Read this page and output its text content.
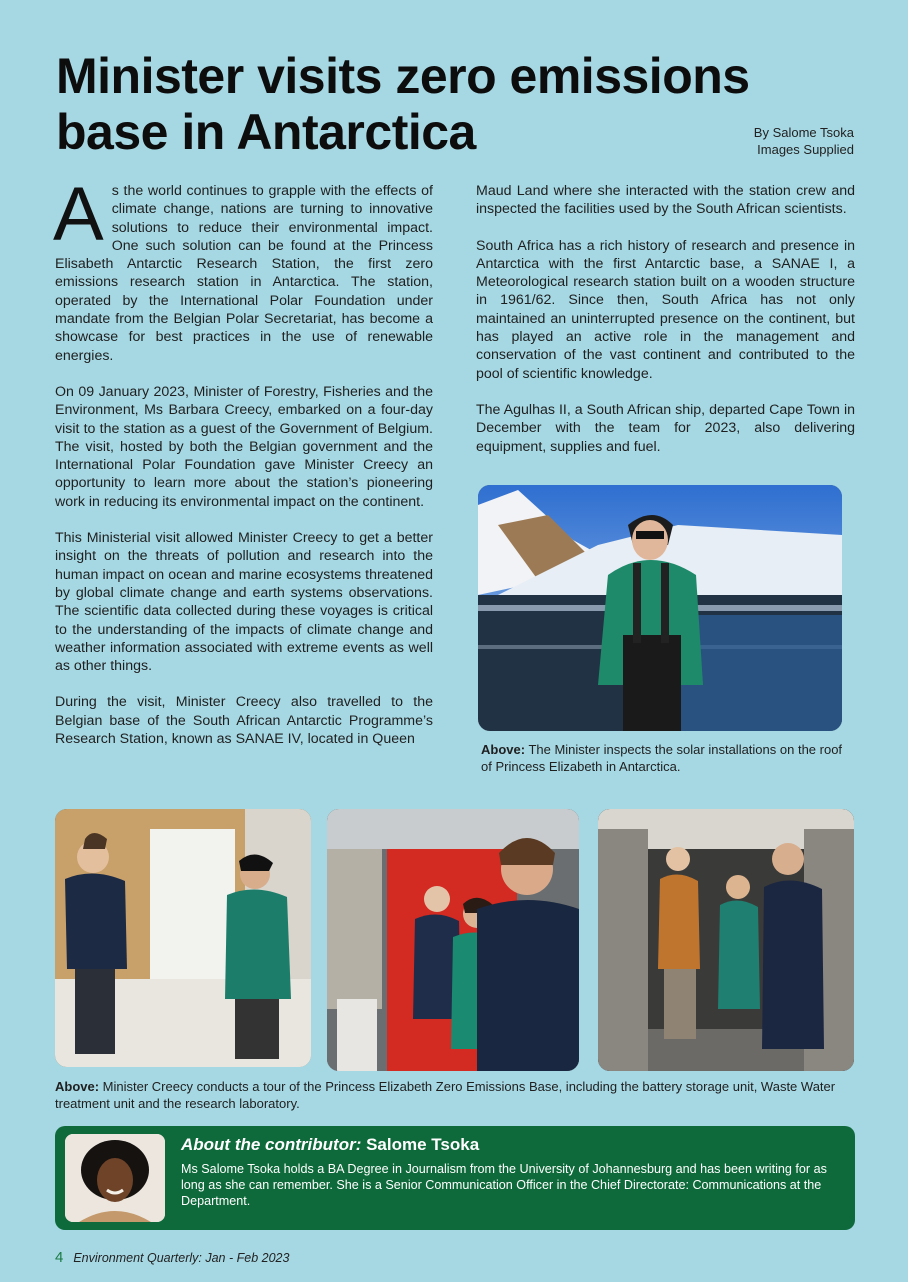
Minister visits zero emissions base in Antarctica	By Salome Tsoka
Images Supplied

As the world continues to grapple with the effects of climate change, nations are turning to innovative solutions to reduce their environmental impact. One such solution can be found at the Princess Elisabeth Antarctic Research Station, the first zero emissions research station in Antarctica. The station, operated by the International Polar Foundation under mandate from the Belgian Polar Secretariat, has become a showcase for best practices in the use of renewable energies.

On 09 January 2023, Minister of Forestry, Fisheries and the Environment, Ms Barbara Creecy, embarked on a four-day visit to the station as a guest of the Government of Belgium. The visit, hosted by both the Belgian government and the International Polar Foundation gave Minister Creecy an opportunity to learn more about the station’s pioneering work in reducing its environmental impact on the continent.

This Ministerial visit allowed Minister Creecy to get a better insight on the threats of pollution and research into the human impact on ocean and marine ecosystems threatened by global climate change and earth systems observations. The scientific data collected during these voyages is critical to the understanding of the impacts of climate change and weather information associated with extreme events as well as other things.

During the visit, Minister Creecy also travelled to the Belgian base of the South African Antarctic Programme’s Research Station, known as SANAE IV, located in Queen

Maud Land where she interacted with the station crew and inspected the facilities used by the South African scientists.

South Africa has a rich history of research and presence in Antarctica with the first Antarctic base, a SANAE I, a Meteorological research station built on a wooden structure in 1961/62. Since then, South Africa has not only maintained an uninterrupted presence on the continent, but has played an active role in the management and conservation of the vast continent and contributed to the pool of scientific knowledge.

The Agulhas II, a South African ship, departed Cape Town in December with the team for 2023, also delivering equipment, supplies and fuel.

Above: The Minister inspects the solar installations on the roof of Princess Elizabeth in Antarctica.
Above: Minister Creecy conducts a tour of the Princess Elizabeth Zero Emissions Base, including the battery storage unit, Waste Water treatment unit and the research laboratory.
About the contributor: Salome Tsoka
Ms Salome Tsoka holds a BA Degree in Journalism from the University of Johannesburg and has been writing for as long as she can remember. She is a Senior Communication Officer in the Chief Directorate: Communications at the Department.
4 Environment Quarterly: Jan - Feb 2023
